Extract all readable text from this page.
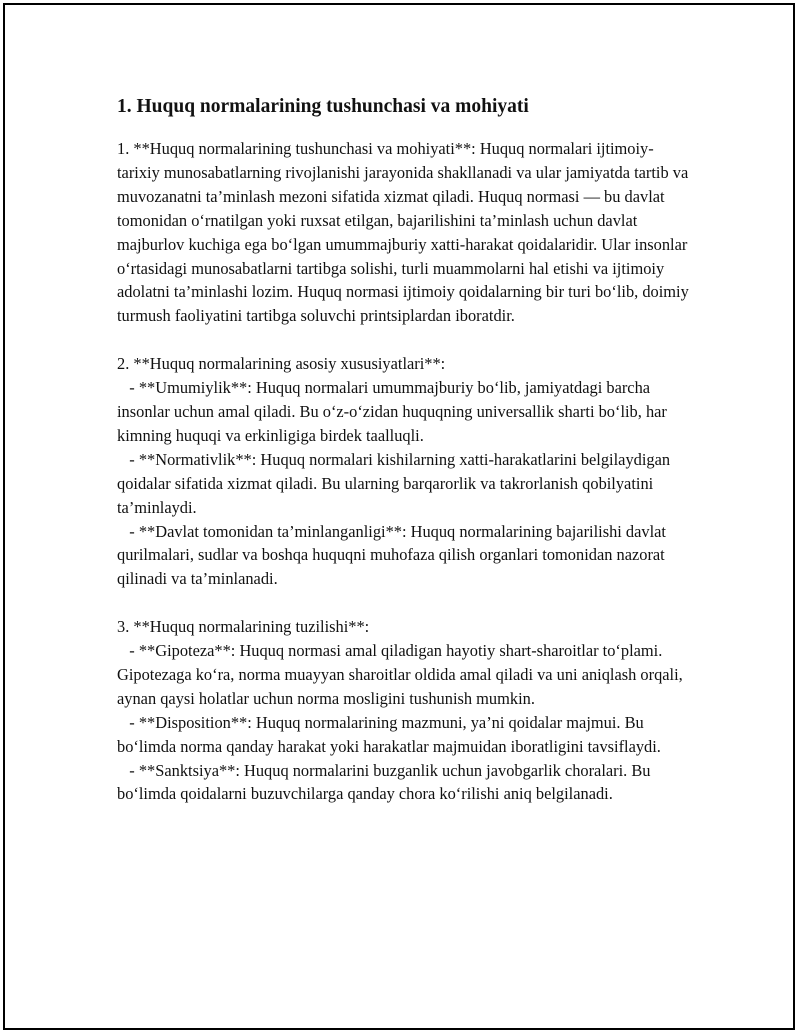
1. Huquq normalarining tushunchasi va mohiyati

1. **Huquq normalarining tushunchasi va mohiyati**: Huquq normalari ijtimoiy-tarixiy munosabatlarning rivojlanishi jarayonida shakllanadi va ular jamiyatda tartib va muvozanatni ta’minlash mezoni sifatida xizmat qiladi. Huquq normasi — bu davlat tomonidan o‘rnatilgan yoki ruxsat etilgan, bajarilishini ta’minlash uchun davlat majburlov kuchiga ega bo‘lgan umummajburiy xatti-harakat qoidalaridir. Ular insonlar o‘rtasidagi munosabatlarni tartibga solishi, turli muammolarni hal etishi va ijtimoiy adolatni ta’minlashi lozim. Huquq normasi ijtimoiy qoidalarning bir turi bo‘lib, doimiy turmush faoliyatini tartibga soluvchi printsiplardan iboratdir.

2. **Huquq normalarining asosiy xususiyatlari**:
- **Umumiylik**: Huquq normalari umummajburiy bo‘lib, jamiyatdagi barcha insonlar uchun amal qiladi. Bu o‘z-o‘zidan huquqning universallik sharti bo‘lib, har kimning huquqi va erkinligiga birdek taalluqli.
- **Normativlik**: Huquq normalari kishilarning xatti-harakatlarini belgilaydigan qoidalar sifatida xizmat qiladi. Bu ularning barqarorlik va takrorlanish qobilyatini ta’minlaydi.
- **Davlat tomonidan ta’minlanganligi**: Huquq normalarining bajarilishi davlat qurilmalari, sudlar va boshqa huquqni muhofaza qilish organlari tomonidan nazorat qilinadi va ta’minlanadi.

3. **Huquq normalarining tuzilishi**:
- **Gipoteza**: Huquq normasi amal qiladigan hayotiy shart-sharoitlar to‘plami. Gipotezaga ko‘ra, norma muayyan sharoitlar oldida amal qiladi va uni aniqlash orqali, aynan qaysi holatlar uchun norma mosligini tushunish mumkin.
- **Disposition**: Huquq normalarining mazmuni, ya’ni qoidalar majmui. Bu bo‘limda norma qanday harakat yoki harakatlar majmuidan iboratligini tavsiflaydi.
- **Sanktsiya**: Huquq normalarini buzganlik uchun javobgarlik choralari. Bu bo‘limda qoidalarni buzuvchilarga qanday chora ko‘rilishi aniq belgilanadi.
